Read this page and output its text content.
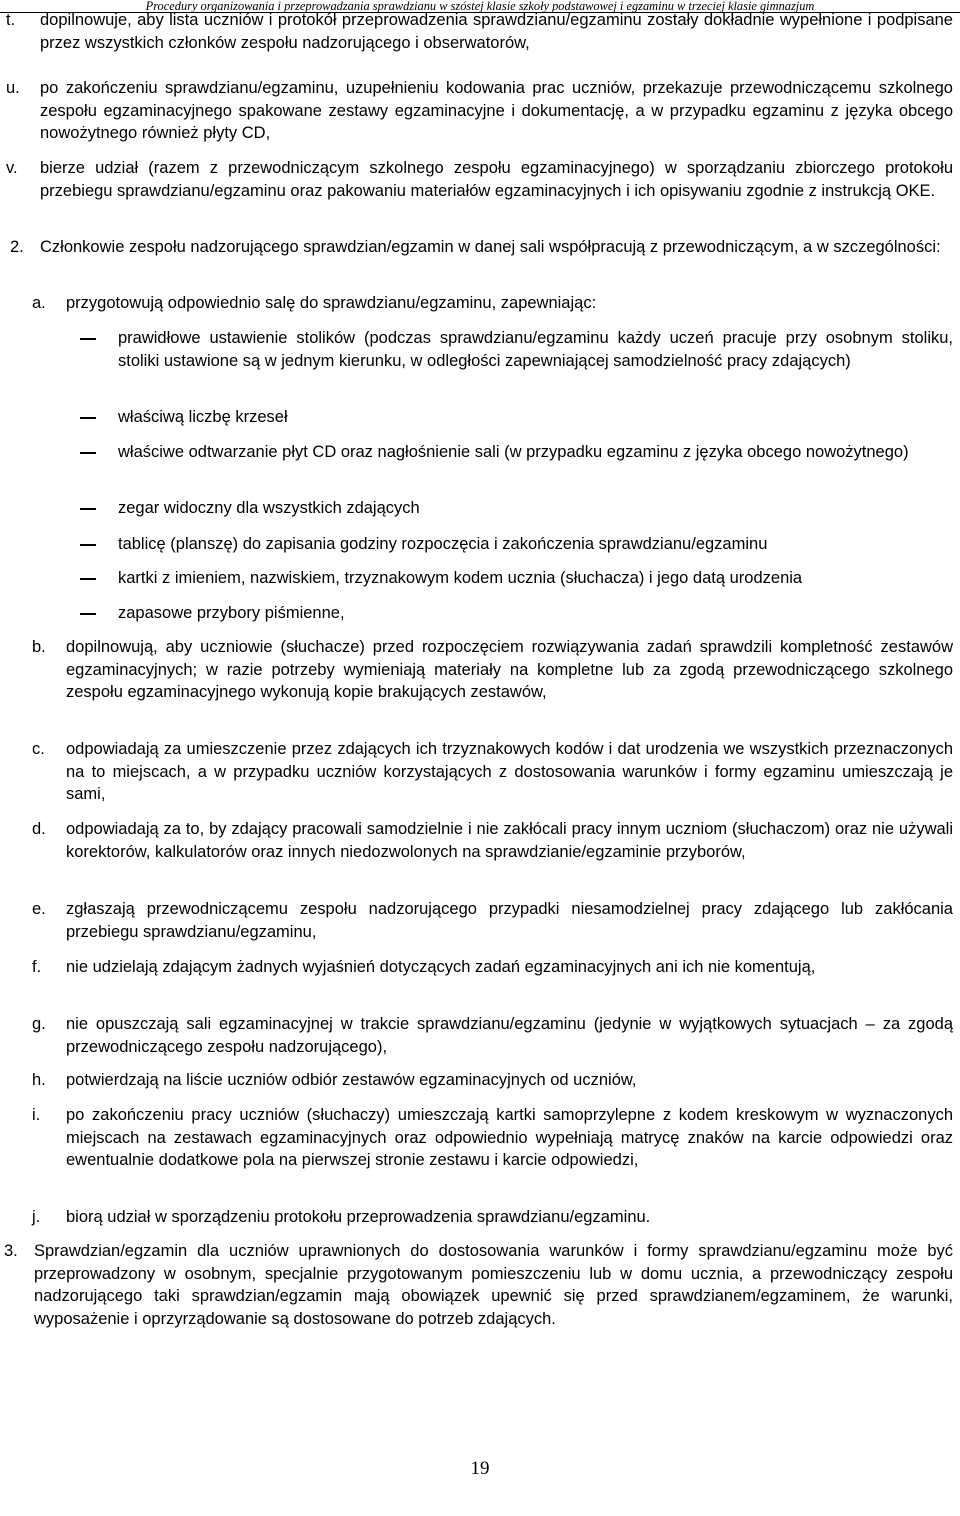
Procedury organizowania i przeprowadzania sprawdzianu w szóstej klasie szkoły podstawowej i egzaminu w trzeciej klasie gimnazjum
t.	dopilnowuje, aby lista uczniów i protokół przeprowadzenia sprawdzianu/egzaminu zostały dokładnie wypełnione i podpisane przez wszystkich członków zespołu nadzorującego i obserwatorów,

u.	po zakończeniu sprawdzianu/egzaminu, uzupełnieniu kodowania prac uczniów, przekazuje przewodniczącemu szkolnego zespołu egzaminacyjnego spakowane zestawy egzaminacyjne i dokumentację, a w przypadku egzaminu z języka obcego nowożytnego również płyty CD,

v.	bierze udział (razem z przewodniczącym szkolnego zespołu egzaminacyjnego) w sporządzaniu zbiorczego protokołu przebiegu sprawdzianu/egzaminu oraz pakowaniu materiałów egzaminacyjnych i ich opisywaniu zgodnie z instrukcją OKE.

2. Członkowie zespołu nadzorującego sprawdzian/egzamin w danej sali współpracują z przewodniczącym, a w szczególności:

a.	przygotowują odpowiednio salę do sprawdzianu/egzaminu, zapewniając:

prawidłowe ustawienie stolików (podczas sprawdzianu/egzaminu każdy uczeń pracuje przy osobnym stoliku, stoliki ustawione są w jednym kierunku, w odległości zapewniającej samodzielność pracy zdających)

właściwą liczbę krzeseł

właściwe odtwarzanie płyt CD oraz nagłośnienie sali (w przypadku egzaminu z języka obcego nowożytnego)

zegar widoczny dla wszystkich zdających

tablicę (planszę) do zapisania godziny rozpoczęcia i zakończenia sprawdzianu/egzaminu

kartki z imieniem, nazwiskiem, trzyznakowym kodem ucznia (słuchacza) i jego datą urodzenia

zapasowe przybory piśmienne,

b.	dopilnowują, aby uczniowie (słuchacze) przed rozpoczęciem rozwiązywania zadań sprawdzili kompletność zestawów egzaminacyjnych; w razie potrzeby wymieniają materiały na kompletne lub za zgodą przewodniczącego szkolnego zespołu egzaminacyjnego wykonują kopie brakujących zestawów,

c.	odpowiadają za umieszczenie przez zdających ich trzyznakowych kodów i dat urodzenia we wszystkich przeznaczonych na to miejscach, a w przypadku uczniów korzystających z dostosowania warunków i formy egzaminu umieszczają je sami,

d.	odpowiadają za to, by zdający pracowali samodzielnie i nie zakłócali pracy innym uczniom (słuchaczom) oraz nie używali korektorów, kalkulatorów oraz innych niedozwolonych na sprawdzianie/egzaminie przyborów,

e.	zgłaszają przewodniczącemu zespołu nadzorującego przypadki niesamodzielnej pracy zdającego lub zakłócania przebiegu sprawdzianu/egzaminu,

f.	nie udzielają zdającym żadnych wyjaśnień dotyczących zadań egzaminacyjnych ani ich nie komentują,

g.	nie opuszczają sali egzaminacyjnej w trakcie sprawdzianu/egzaminu (jedynie w wyjątkowych sytuacjach – za zgodą przewodniczącego zespołu nadzorującego),

h.	potwierdzają na liście uczniów odbiór zestawów egzaminacyjnych od uczniów,

i.	po zakończeniu pracy uczniów (słuchaczy) umieszczają kartki samoprzylepne z kodem kreskowym w wyznaczonych miejscach na zestawach egzaminacyjnych oraz odpowiednio wypełniają matrycę znaków na karcie odpowiedzi oraz ewentualnie dodatkowe pola na pierwszej stronie zestawu i karcie odpowiedzi,

j.	biorą udział w sporządzeniu protokołu przeprowadzenia sprawdzianu/egzaminu.

3. Sprawdzian/egzamin dla uczniów uprawnionych do dostosowania warunków i formy sprawdzianu/egzaminu może być przeprowadzony w osobnym, specjalnie przygotowanym pomieszczeniu lub w domu ucznia, a przewodniczący zespołu nadzorującego taki sprawdzian/egzamin mają obowiązek upewnić się przed sprawdzianem/egzaminem, że warunki, wyposażenie i oprzyrządowanie są dostosowane do potrzeb zdających.

19
